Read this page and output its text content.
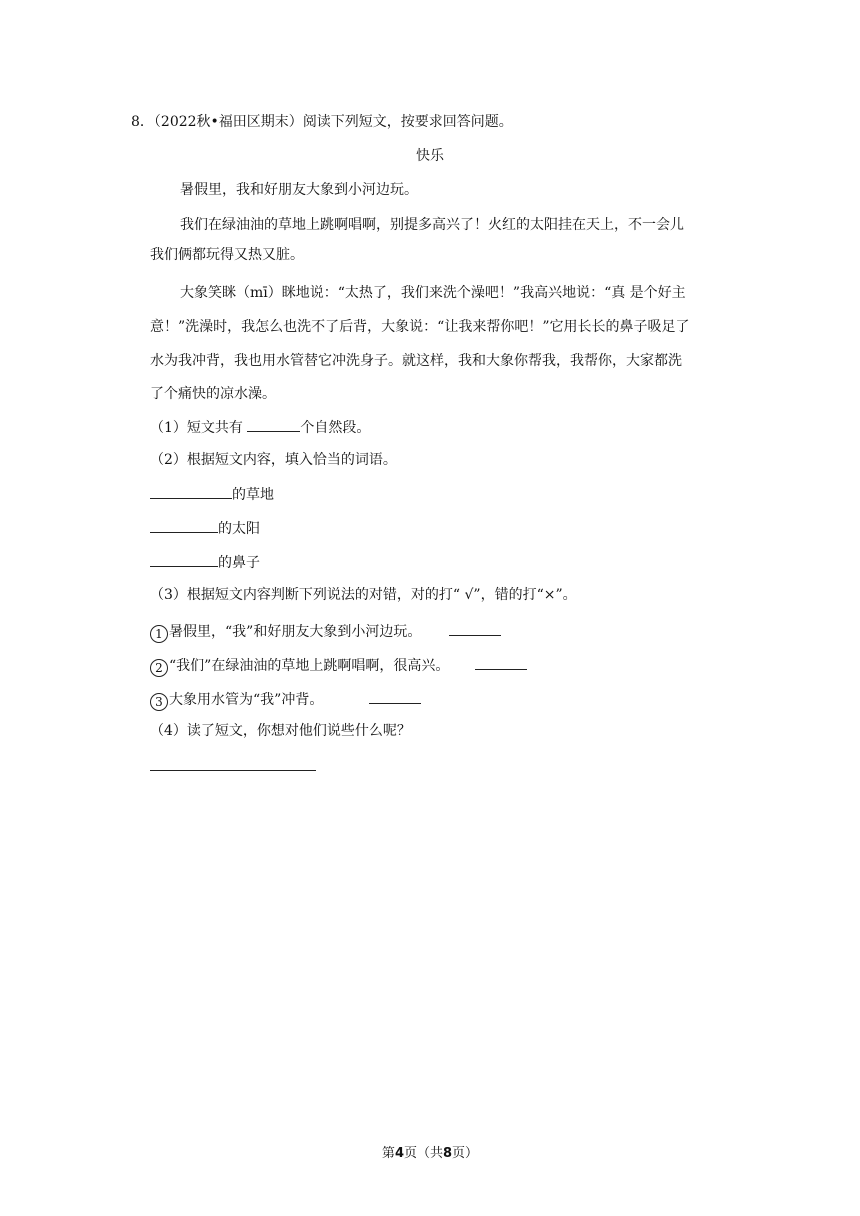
8．（2022秋•福田区期末）阅读下列短文，按要求回答问题。
快乐
暑假里，我和好朋友大象到小河边玩。
我们在绿油油的草地上跳啊唱啊，别提多高兴了！火红的太阳挂在天上，不一会儿
我们俩都玩得又热又脏。
大象笑眯（mī）眯地说：“太热了，我们来洗个澡吧！”我高兴地说：“真 是个好主
意！”洗澡时，我怎么也洗不了后背，大象说：“让我来帮你吧！”它用长长的鼻子吸足了
水为我冲背，我也用水管替它冲洗身子。就这样，我和大象你帮我，我帮你，大家都洗
了个痛快的凉水澡。
（1）短文共有	个自然段。
（2）根据短文内容，填入恰当的词语。
的草地
的太阳
的鼻子
（3）根据短文内容判断下列说法的对错，对的打“ √”，错的打“×”。
1 暑假里，“我”和好朋友大象到小河边玩。
2 “我们”在绿油油的草地上跳啊唱啊，很高兴。
3 大象用水管为“我”冲背。
（4）读了短文，你想对他们说些什么呢？
第4页（共8页）
